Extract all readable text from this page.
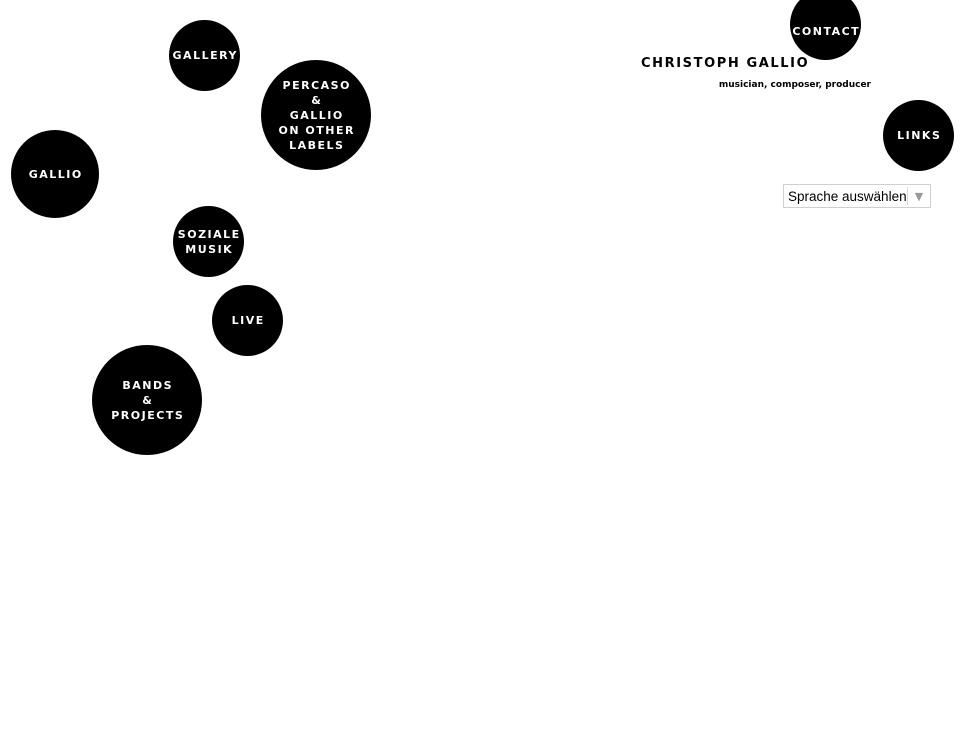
CONTACT
LINKS
GALLERY
PERCASO
&
GALLIO
ON OTHER
LABELS
GALLIO
SOZIALE
MUSIK
LIVE
BANDS
&
PROJECTS
CHRISTOPH GALLIO
musician, composer, producer
Sprache auswählen ▼
